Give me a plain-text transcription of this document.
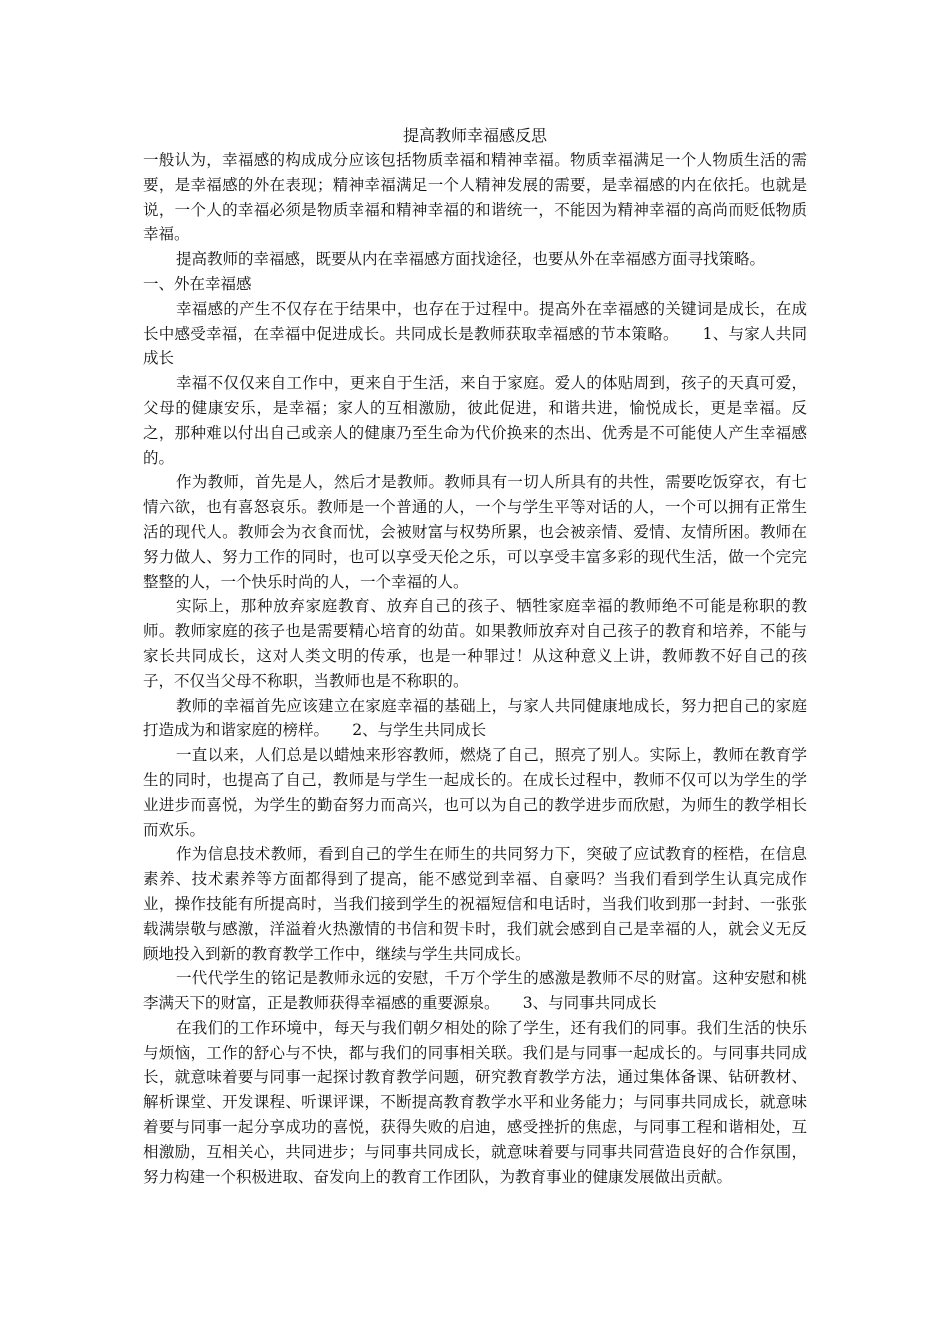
提高教师幸福感反思

一般认为，幸福感的构成成分应该包括物质幸福和精神幸福。物质幸福满足一个人物质生活的需要，是幸福感的外在表现；精神幸福满足一个人精神发展的需要，是幸福感的内在依托。也就是说，一个人的幸福必须是物质幸福和精神幸福的和谐统一，不能因为精神幸福的高尚而贬低物质幸福。

提高教师的幸福感，既要从内在幸福感方面找途径，也要从外在幸福感方面寻找策略。

一、外在幸福感

幸福感的产生不仅存在于结果中，也存在于过程中。提高外在幸福感的关键词是成长，在成长中感受幸福，在幸福中促进成长。共同成长是教师获取幸福感的节本策略。　　1、与家人共同成长

幸福不仅仅来自工作中，更来自于生活，来自于家庭。爱人的体贴周到，孩子的天真可爱，父母的健康安乐，是幸福；家人的互相激励，彼此促进，和谐共进，愉悦成长，更是幸福。反之，那种难以付出自己或亲人的健康乃至生命为代价换来的杰出、优秀是不可能使人产生幸福感的。

作为教师，首先是人，然后才是教师。教师具有一切人所具有的共性，需要吃饭穿衣，有七情六欲，也有喜怒哀乐。教师是一个普通的人，一个与学生平等对话的人，一个可以拥有正常生活的现代人。教师会为衣食而忧，会被财富与权势所累，也会被亲情、爱情、友情所困。教师在努力做人、努力工作的同时，也可以享受天伦之乐，可以享受丰富多彩的现代生活，做一个完完整整的人，一个快乐时尚的人，一个幸福的人。

实际上，那种放弃家庭教育、放弃自己的孩子、牺牲家庭幸福的教师绝不可能是称职的教师。教师家庭的孩子也是需要精心培育的幼苗。如果教师放弃对自己孩子的教育和培养，不能与家长共同成长，这对人类文明的传承，也是一种罪过！从这种意义上讲，教师教不好自己的孩子，不仅当父母不称职，当教师也是不称职的。

教师的幸福首先应该建立在家庭幸福的基础上，与家人共同健康地成长，努力把自己的家庭打造成为和谐家庭的榜样。　　2、与学生共同成长

一直以来，人们总是以蜡烛来形容教师，燃烧了自己，照亮了别人。实际上，教师在教育学生的同时，也提高了自己，教师是与学生一起成长的。在成长过程中，教师不仅可以为学生的学业进步而喜悦，为学生的勤奋努力而高兴，也可以为自己的教学进步而欣慰，为师生的教学相长而欢乐。

作为信息技术教师，看到自己的学生在师生的共同努力下，突破了应试教育的桎梏，在信息素养、技术素养等方面都得到了提高，能不感觉到幸福、自豪吗？当我们看到学生认真完成作业，操作技能有所提高时，当我们接到学生的祝福短信和电话时，当我们收到那一封封、一张张载满崇敬与感激，洋溢着火热激情的书信和贺卡时，我们就会感到自己是幸福的人，就会义无反顾地投入到新的教育教学工作中，继续与学生共同成长。

一代代学生的铭记是教师永远的安慰，千万个学生的感激是教师不尽的财富。这种安慰和桃李满天下的财富，正是教师获得幸福感的重要源泉。　　3、与同事共同成长

在我们的工作环境中，每天与我们朝夕相处的除了学生，还有我们的同事。我们生活的快乐与烦恼，工作的舒心与不快，都与我们的同事相关联。我们是与同事一起成长的。与同事共同成长，就意味着要与同事一起探讨教育教学问题，研究教育教学方法，通过集体备课、钻研教材、解析课堂、开发课程、听课评课，不断提高教育教学水平和业务能力；与同事共同成长，就意味着要与同事一起分享成功的喜悦，获得失败的启迪，感受挫折的焦虑，与同事工程和谐相处，互相激励，互相关心，共同进步；与同事共同成长，就意味着要与同事共同营造良好的合作氛围，努力构建一个积极进取、奋发向上的教育工作团队，为教育事业的健康发展做出贡献。
